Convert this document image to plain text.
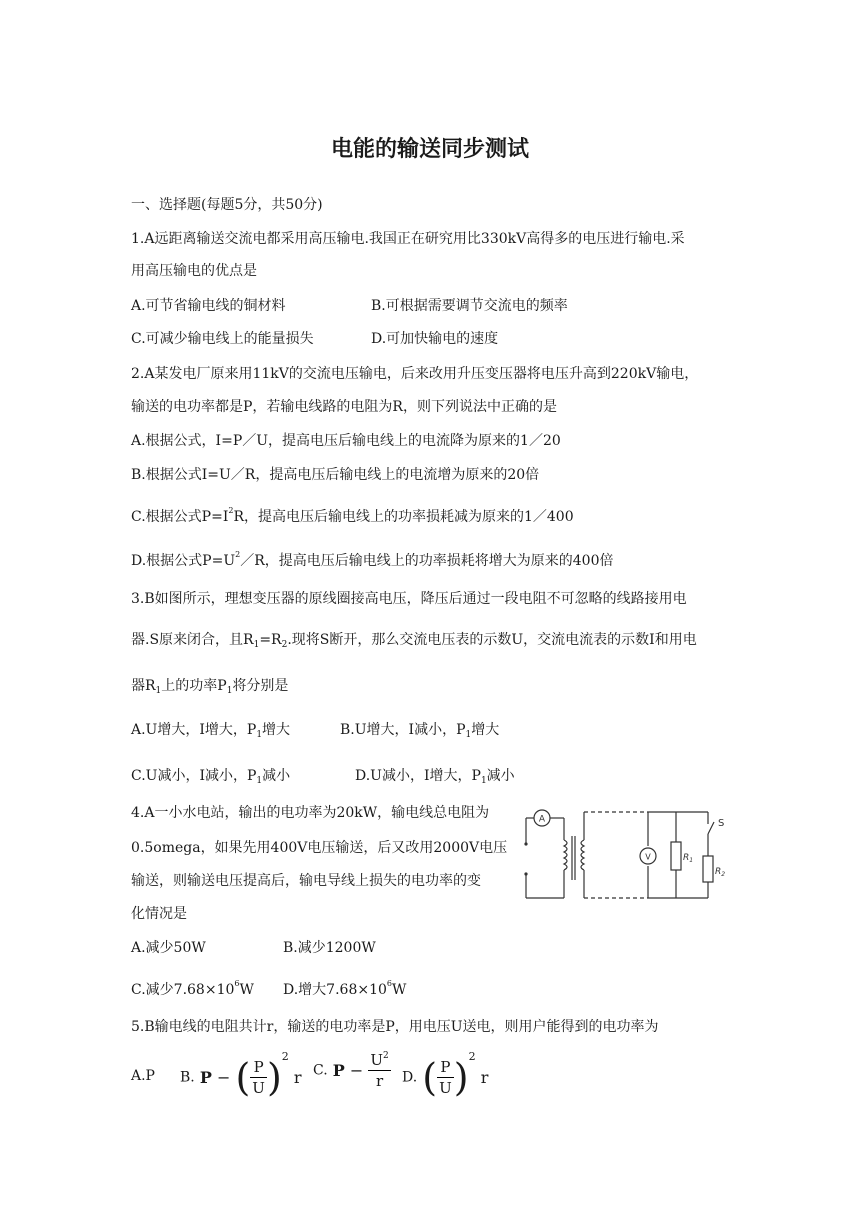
电能的输送同步测试
一、选择题(每题5分，共50分)
1.A远距离输送交流电都采用高压输电.我国正在研究用比330kV高得多的电压进行输电.采
用高压输电的优点是
A.可节省输电线的铜材料	B.可根据需要调节交流电的频率
C.可减少输电线上的能量损失	D.可加快输电的速度
2.A某发电厂原来用11kV的交流电压输电，后来改用升压变压器将电压升高到220kV输电，
输送的电功率都是P，若输电线路的电阻为R，则下列说法中正确的是
A.根据公式，I=P／U，提高电压后输电线上的电流降为原来的1／20
B.根据公式I=U／R，提高电压后输电线上的电流增为原来的20倍
C.根据公式$P=I^2R$，提高电压后输电线上的功率损耗减为原来的1／400
D.根据公式$P=U^2/R$，提高电压后输电线上的功率损耗将增大为原来的400倍
3.B如图所示，理想变压器的原线圈接高电压，降压后通过一段电阻不可忽略的线路接用电
器.S原来闭合，且$R_1=R_2$.现将S断开，那么交流电压表的示数U，交流电流表的示数I和用电
器$R_1$上的功率$P_1$将分别是
A.U增大，I增大，$P_1$增大	B.U增大，I减小，$P_1$增大
C.U减小，I减小，$P_1$减小	D.U减小，I增大，$P_1$减小
4.A一小水电站，输出的电功率为20kW，输电线总电阻为
0.5omega，如果先用400V电压输送，后又改用2000V电压
输送，则输送电压提高后，输电导线上损失的电功率的变
化情况是
A.减少50W	B.减少1200W
C.减少$7.68\times 10^6W$ D.增大$7.68\times 10^6W$
A
V
S
$R_1$
$R_2$
5.B输电线的电阻共计r，输送的电功率是P，用电压U送电，则用户能得到的电功率为
A.P B. P − ( $\frac{P}{U} )^2$ r C. $P - \frac{U^2}{r} D$. ( $\frac{P}{U} )^2$ r
